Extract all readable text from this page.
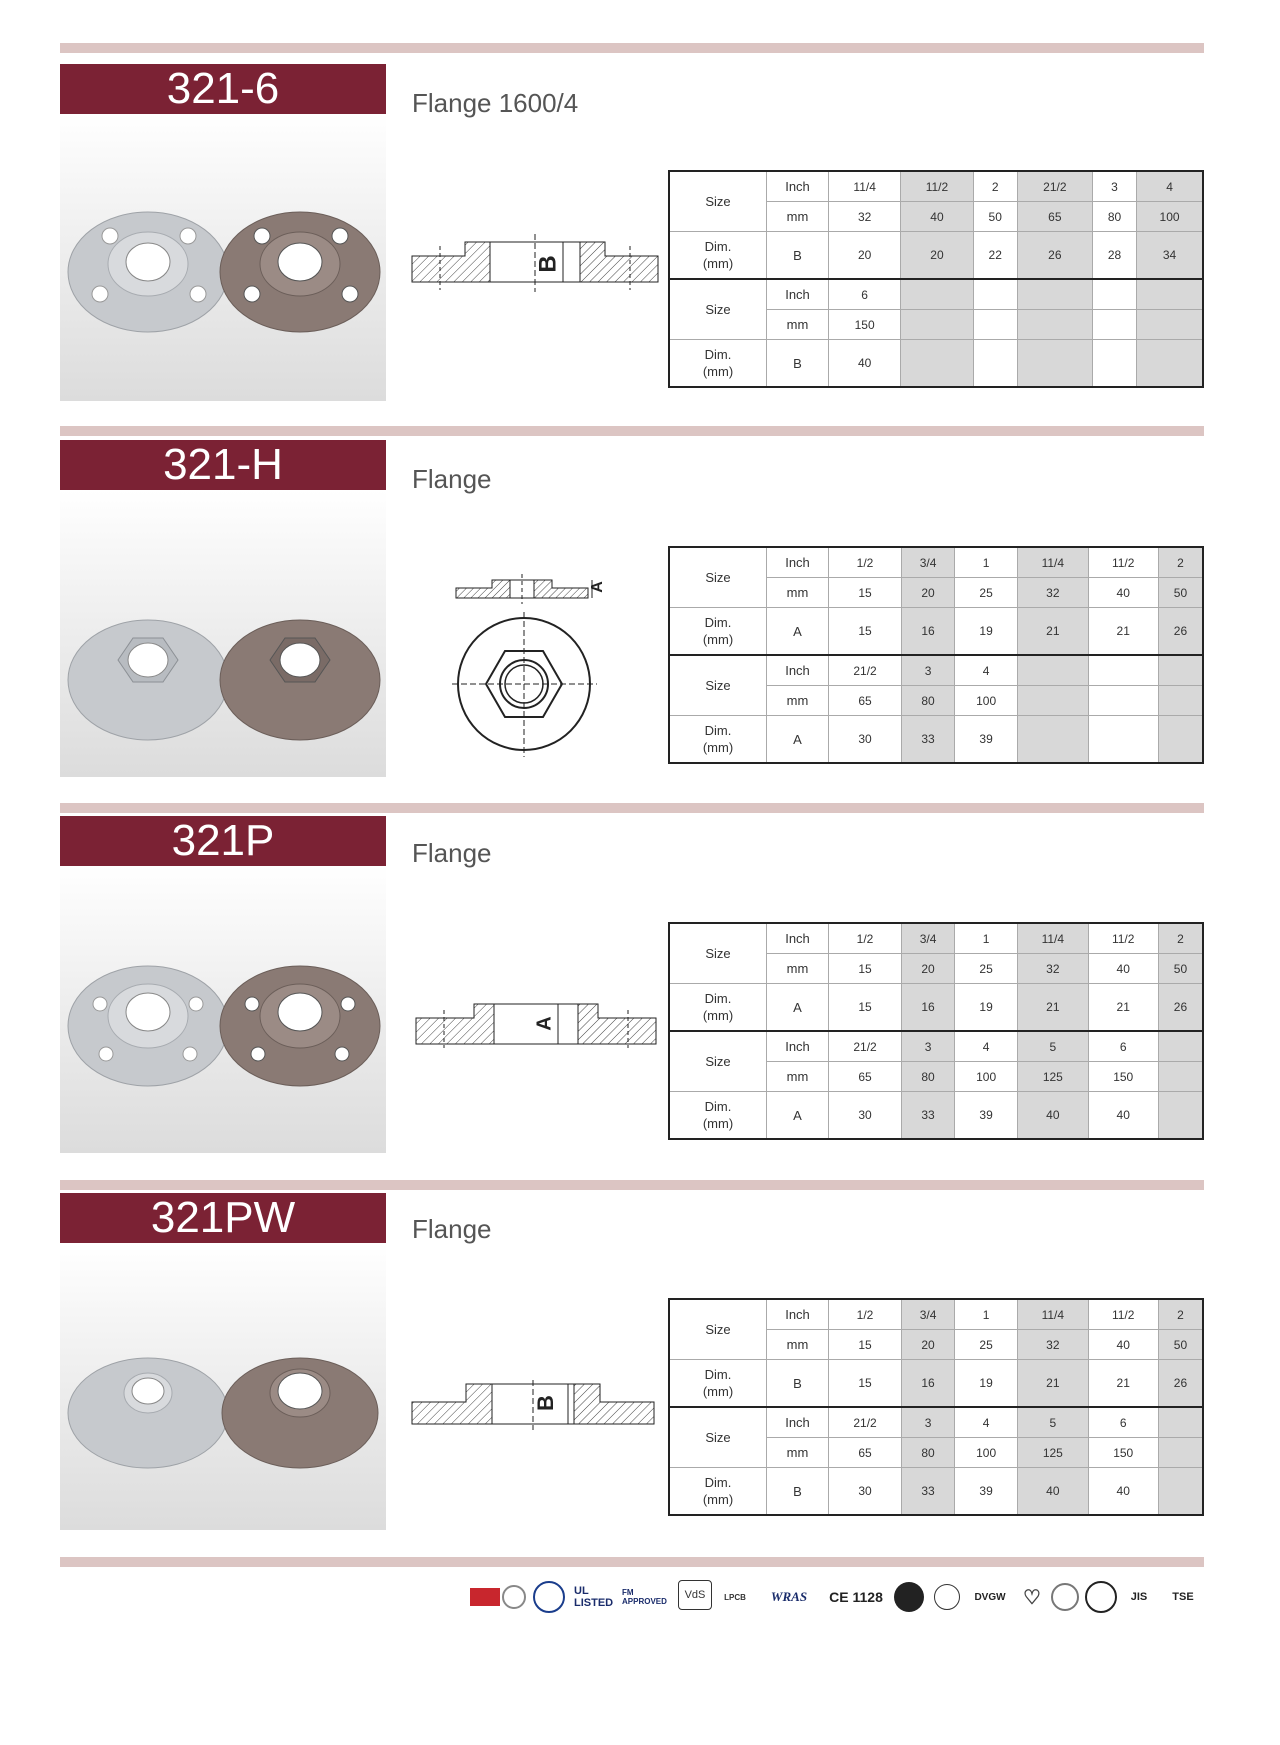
321-6	Flange 1600/4
B
Size	Inch	11/4	11/2	2	21/2	3	4
	mm	32	40	50	65	80	100
Dim.
(mm)	B	20	20	22	26	28	34
Size	Inch	6					
	mm	150					
Dim.
(mm)	B	40					
321-H	Flange
A
Size	Inch	1/2	3/4	1	11/4	11/2	2
	mm	15	20	25	32	40	50
Dim.
(mm)	A	15	16	19	21	21	26
Size	Inch	21/2	3	4			
	mm	65	80	100			
Dim.
(mm)	A	30	33	39			
321P	Flange
A
Size	Inch	1/2	3/4	1	11/4	11/2	2
	mm	15	20	25	32	40	50
Dim.
(mm)	A	15	16	19	21	21	26
Size	Inch	21/2	3	4	5	6	
	mm	65	80	100	125	150	
Dim.
(mm)	A	30	33	39	40	40	
321PW	Flange
B
Size	Inch	1/2	3/4	1	11/4	11/2	2
	mm	15	20	25	32	40	50
Dim.
(mm)	B	15	16	19	21	21	26
Size	Inch	21/2	3	4	5	6	
	mm	65	80	100	125	150	
Dim.
(mm)	B	30	33	39	40	40	
UL LISTED
FM APPROVED
VdS	LPCB	WRAS	CE 1128	DVGW ♡	JIS	TSE
